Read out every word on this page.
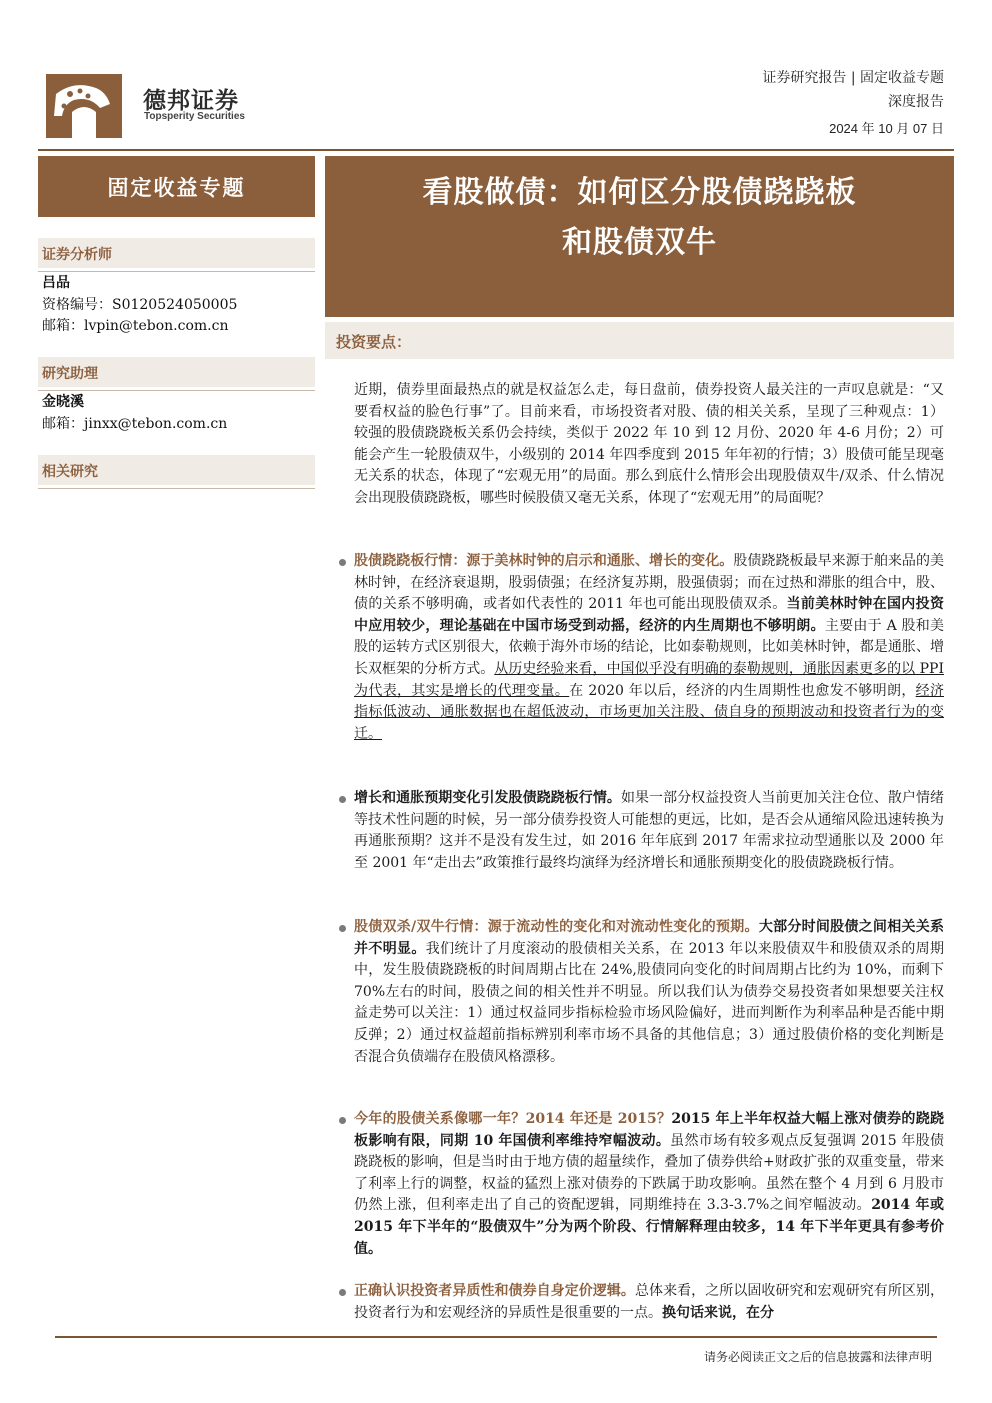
德邦证券
Topsperity Securities
证券研究报告 | 固定收益专题
深度报告
2024 年 10 月 07 日
固定收益专题
证券分析师
吕品
资格编号：S0120524050005
邮箱：lvpin@tebon.com.cn
研究助理
金晓溪
邮箱：jinxx@tebon.com.cn
相关研究
看股做债：如何区分股债跷跷板
和股债双牛
投资要点：
近期，债券里面最热点的就是权益怎么走，每日盘前，债券投资人最关注的一声叹息就是：“又要看权益的脸色行事”了。目前来看，市场投资者对股、债的相关关系，呈现了三种观点：1）较强的股债跷跷板关系仍会持续，类似于 2022 年 10 到 12 月份、2020 年 4-6 月份；2）可能会产生一轮股债双牛，小级别的 2014 年四季度到 2015 年年初的行情；3）股债可能呈现毫无关系的状态，体现了“宏观无用”的局面。那么到底什么情形会出现股债双牛/双杀、什么情况会出现股债跷跷板，哪些时候股债又毫无关系，体现了“宏观无用”的局面呢？
股债跷跷板行情：源于美林时钟的启示和通胀、增长的变化。股债跷跷板最早来源于舶来品的美林时钟，在经济衰退期，股弱债强；在经济复苏期，股强债弱；而在过热和滞胀的组合中，股、债的关系不够明确，或者如代表性的 2011 年也可能出现股债双杀。当前美林时钟在国内投资中应用较少，理论基础在中国市场受到动摇，经济的内生周期也不够明朗。主要由于 A 股和美股的运转方式区别很大，依赖于海外市场的结论，比如泰勒规则，比如美林时钟，都是通胀、增长双框架的分析方式。从历史经验来看，中国似乎没有明确的泰勒规则，通胀因素更多的以 PPI 为代表，其实是增长的代理变量。在 2020 年以后，经济的内生周期性也愈发不够明朗，经济指标低波动、通胀数据也在超低波动，市场更加关注股、债自身的预期波动和投资者行为的变迁。
增长和通胀预期变化引发股债跷跷板行情。如果一部分权益投资人当前更加关注仓位、散户情绪等技术性问题的时候，另一部分债券投资人可能想的更远，比如，是否会从通缩风险迅速转换为再通胀预期？这并不是没有发生过，如 2016 年年底到 2017 年需求拉动型通胀以及 2000 年至 2001 年“走出去”政策推行最终均演绎为经济增长和通胀预期变化的股债跷跷板行情。
股债双杀/双牛行情：源于流动性的变化和对流动性变化的预期。大部分时间股债之间相关关系并不明显。我们统计了月度滚动的股债相关关系，在 2013 年以来股债双牛和股债双杀的周期中，发生股债跷跷板的时间周期占比在 24%,股债同向变化的时间周期占比约为 10%，而剩下 70%左右的时间，股债之间的相关性并不明显。所以我们认为债券交易投资者如果想要关注权益走势可以关注：1）通过权益同步指标检验市场风险偏好，进而判断作为利率品种是否能中期反弹；2）通过权益超前指标辨别利率市场不具备的其他信息；3）通过股债价格的变化判断是否混合负债端存在股债风格漂移。
今年的股债关系像哪一年？2014 年还是 2015？2015 年上半年权益大幅上涨对债券的跷跷板影响有限，同期 10 年国债利率维持窄幅波动。虽然市场有较多观点反复强调 2015 年股债跷跷板的影响，但是当时由于地方债的超量续作，叠加了债券供给+财政扩张的双重变量，带来了利率上行的调整，权益的猛烈上涨对债券的下跌属于助攻影响。虽然在整个 4 月到 6 月股市仍然上涨，但利率走出了自己的资配逻辑，同期维持在 3.3-3.7%之间窄幅波动。2014 年或 2015 年下半年的“股债双牛”分为两个阶段、行情解释理由较多，14 年下半年更具有参考价值。
正确认识投资者异质性和债券自身定价逻辑。总体来看，之所以固收研究和宏观研究有所区别，投资者行为和宏观经济的异质性是很重要的一点。换句话来说，在分
请务必阅读正文之后的信息披露和法律声明
